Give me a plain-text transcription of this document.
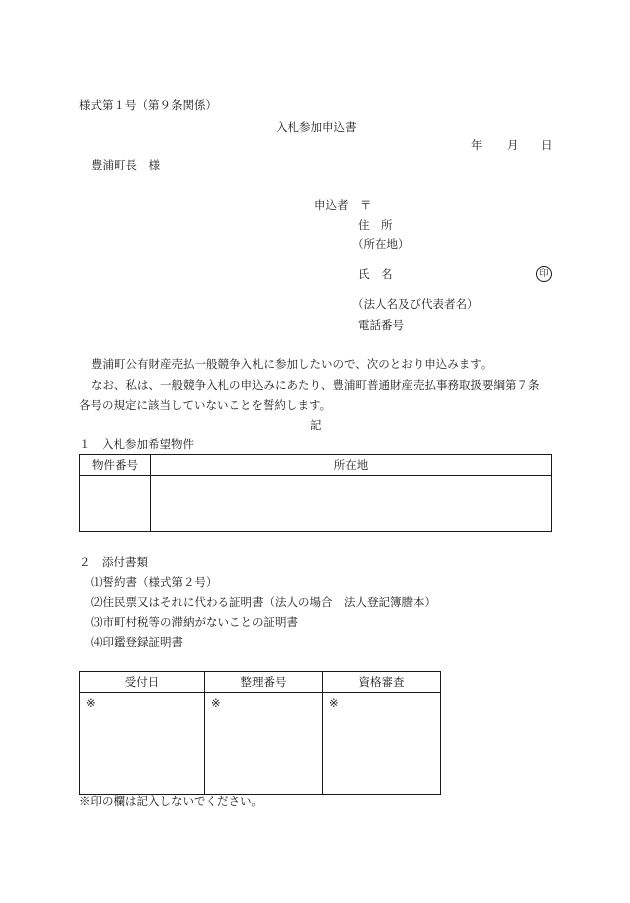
様式第１号（第９条関係）
入札参加申込書
年 月 日
豊浦町長　様
申込者 〒
住　所
（所在地）
氏　名	印
（法人名及び代表者名）
電話番号
豊浦町公有財産売払一般競争入札に参加したいので、次のとおり申込みます。
なお、私は、一般競争入札の申込みにあたり、豊浦町普通財産売払事務取扱要綱第７条
各号の規定に該当していないことを誓約します。
記
１　入札参加希望物件
物件番号	所在地

２　添付書類
⑴誓約書（様式第２号）
⑵住民票又はそれに代わる証明書（法人の場合　法人登記簿謄本）
⑶市町村税等の滞納がないことの証明書
⑷印鑑登録証明書
受付日	整理番号	資格審査
※	※	※
※印の欄は記入しないでください。
